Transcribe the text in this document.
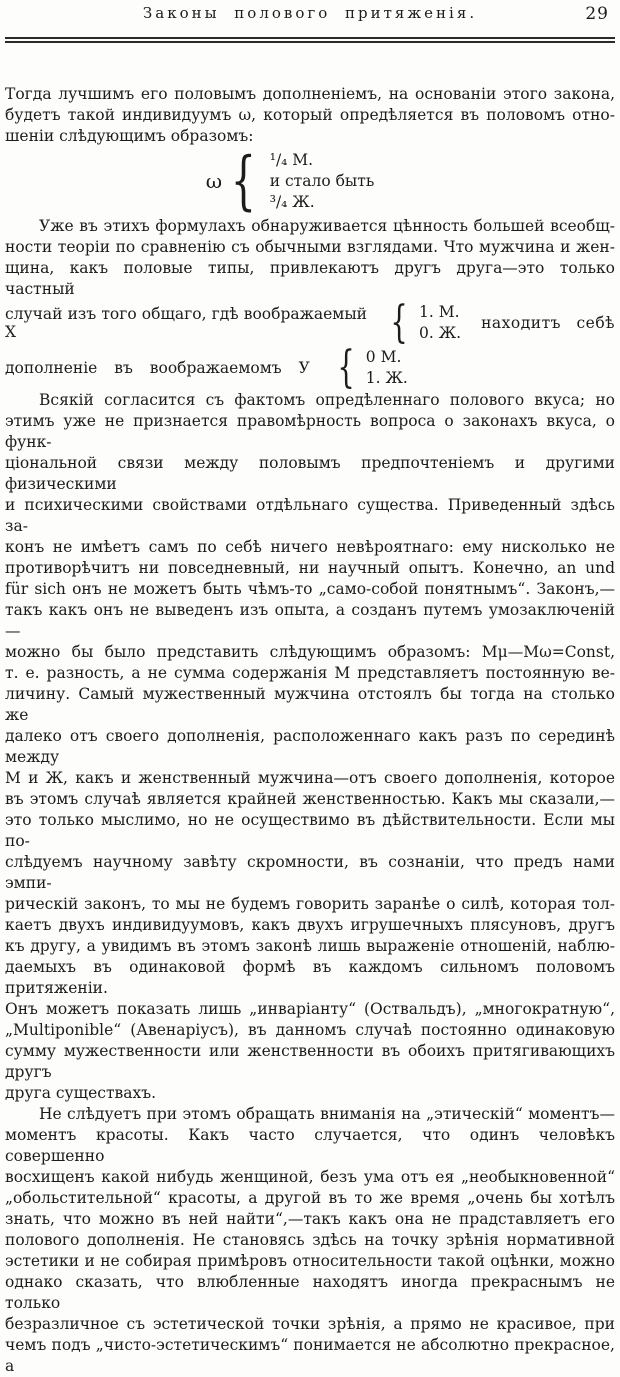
Законы полового притяженія.	29
Тогда лучшимъ его половымъ дополненіемъ, на основаніи этого закона,
будетъ такой индивидуумъ ω, который опредѣляется въ половомъ отно-
шеніи слѣдующимъ образомъ:
ω { ¹/₄ М.
и стало быть
³/₄ Ж.
Уже въ этихъ формулахъ обнаруживается цѣнность большей всеобщ-
ности теоріи по сравненію съ обычными взглядами. Что мужчина и жен-
щина, какъ половые типы, привлекаютъ другъ друга—это только частный
случай изъ того общаго, гдѣ воображаемый X	{ 1. М.
0. Ж.
находитъ себѣ
дополненіе въ воображаемомъ У { 0 М.
1. Ж.
Всякій согласится съ фактомъ опредѣленнаго полового вкуса; но
этимъ уже не признается правомѣрность вопроса о законахъ вкуса, о функ-
ціональной связи между половымъ предпочтеніемъ и другими физическими
и психическими свойствами отдѣльнаго существа. Приведенный здѣсь за-
конъ не имѣетъ самъ по себѣ ничего невѣроятнаго: ему нисколько не
противорѣчитъ ни повседневный, ни научный опытъ. Конечно, an und
für sich онъ не можетъ быть чѣмъ-то „само-собой понятнымъ“. Законъ,—
такъ какъ онъ не выведенъ изъ опыта, а созданъ путемъ умозаключеній—
можно бы было представить слѣдующимъ образомъ: Мμ—Мω=Const,
т. е. разность, а не сумма содержанія М представляетъ постоянную ве-
личину. Самый мужественный мужчина отстоялъ бы тогда на столько же
далеко отъ своего дополненія, расположеннаго какъ разъ по серединѣ между
М и Ж, какъ и женственный мужчина—отъ своего дополненія, которое
въ этомъ случаѣ является крайней женственностью. Какъ мы сказали,—
это только мыслимо, но не осуществимо въ дѣйствительности. Если мы по-
слѣдуемъ научному завѣту скромности, въ сознаніи, что предъ нами эмпи-
рическій законъ, то мы не будемъ говорить заранѣе о силѣ, которая тол-
каетъ двухъ индивидуумовъ, какъ двухъ игрушечныхъ плясуновъ, другъ
къ другу, а увидимъ въ этомъ законѣ лишь выраженіе отношеній, наблю-
даемыхъ въ одинаковой формѣ въ каждомъ сильномъ половомъ притяженіи.
Онъ можетъ показать лишь „инваріанту“ (Оствальдъ), „многократную“,
„Multiponible“ (Авенаріусъ), въ данномъ случаѣ постоянно одинаковую
сумму мужественности или женственности въ обоихъ притягивающихъ другъ
друга существахъ.
Не слѣдуетъ при этомъ обращать вниманія на „этическій“ моментъ—
моментъ красоты. Какъ часто случается, что одинъ человѣкъ совершенно
восхищенъ какой нибудь женщиной, безъ ума отъ ея „необыкновенной“
„обольстительной“ красоты, а другой въ то же время „очень бы хотѣлъ
знать, что можно въ ней найти“,—такъ какъ она не прадставляетъ его
полового дополненія. Не становясь здѣсь на точку зрѣнія нормативной
эстетики и не собирая примѣровъ относительности такой оцѣнки, можно
однако сказать, что влюбленные находятъ иногда прекраснымъ не только
безразличное съ эстетической точки зрѣнія, а прямо не красивое, при
чемъ подъ „чисто-эстетическимъ“ понимается не абсолютно прекрасное, а
